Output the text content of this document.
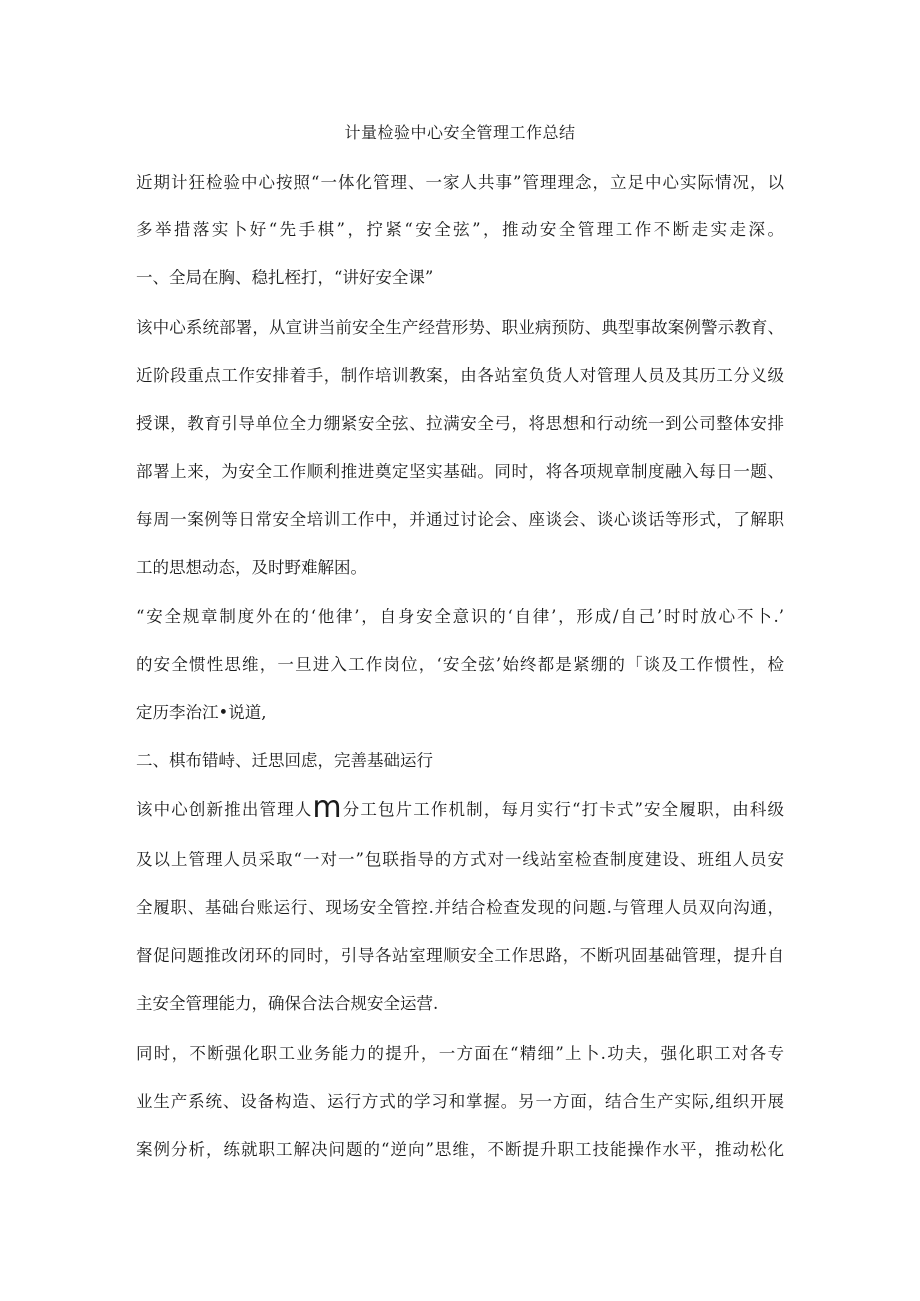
计量检验中心安全管理工作总结
近期计狂检验中心按照“一体化管理、一家人共事”管理理念，立足中心实际情况，以
多举措落实卜好“先手棋”，拧紧“安全弦”，推动安全管理工作不断走实走深。
一、全局在胸、稳扎桎打，“讲好安全课”
该中心系统部署，从宣讲当前安全生产经营形势、职业病预防、典型事故案例警示教育、
近阶段重点工作安排着手，制作培训教案，由各站室负货人对管理人员及其历工分义级
授课，教育引导单位全力绷紧安全弦、拉满安全弓，将思想和行动统一到公司整体安排
部署上来，为安全工作顺利推进奠定坚实基础。同时，将各项规章制度融入每日一题、
每周一案例等日常安全培训工作中，并通过讨论会、座谈会、谈心谈话等形式，了解职
工的思想动态，及时野难解困。
“安全规章制度外在的‘他律’，自身安全意识的‘自律’，形成/自己’时时放心不卜.’
的安全惯性思维，一旦进入工作岗位，‘安全弦’始终都是紧绷的「谈及工作惯性，检
定历李治江•说道,
二、棋布错峙、迁思回虑，完善基础运行
该中心创新推出管理人m分工包片工作机制，每月实行“打卡式”安全履职，由科级
及以上管理人员采取“一对一”包联指导的方式对一线站室检查制度建设、班组人员安
全履职、基础台账运行、现场安全管控.并结合检查发现的问题.与管理人员双向沟通，
督促问题推改闭环的同时，引导各站室理顺安全工作思路，不断巩固基础管理，提升自
主安全管理能力，确保合法合规安全运营.
同时，不断强化职工业务能力的提升，一方面在“精细”上卜.功夫，强化职工对各专
业生产系统、设备构造、运行方式的学习和掌握。另一方面，结合生产实际,组织开展
案例分析，练就职工解决问题的“逆向”思维，不断提升职工技能操作水平，推动松化
